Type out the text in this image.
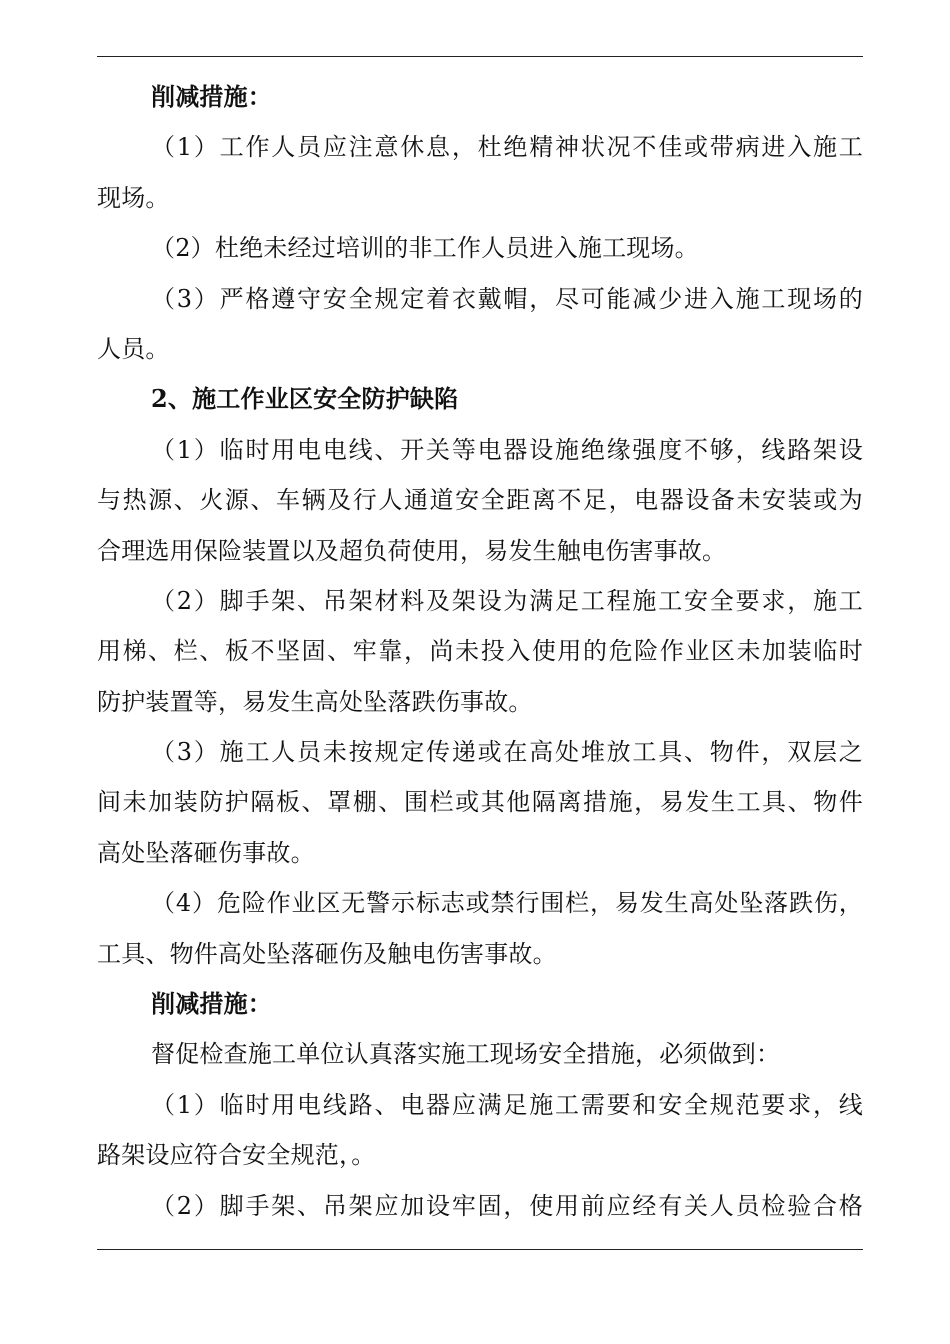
削减措施：
（1）工作人员应注意休息，杜绝精神状况不佳或带病进入施工
现场。
（2）杜绝未经过培训的非工作人员进入施工现场。
（3）严格遵守安全规定着衣戴帽，尽可能减少进入施工现场的
人员。
2、施工作业区安全防护缺陷
（1）临时用电电线、开关等电器设施绝缘强度不够，线路架设
与热源、火源、车辆及行人通道安全距离不足，电器设备未安装或为
合理选用保险装置以及超负荷使用，易发生触电伤害事故。
（2）脚手架、吊架材料及架设为满足工程施工安全要求，施工
用梯、栏、板不坚固、牢靠，尚未投入使用的危险作业区未加装临时
防护装置等，易发生高处坠落跌伤事故。
（3）施工人员未按规定传递或在高处堆放工具、物件，双层之
间未加装防护隔板、罩棚、围栏或其他隔离措施，易发生工具、物件
高处坠落砸伤事故。
（4）危险作业区无警示标志或禁行围栏，易发生高处坠落跌伤，
工具、物件高处坠落砸伤及触电伤害事故。
削减措施：
督促检查施工单位认真落实施工现场安全措施，必须做到：
（1）临时用电线路、电器应满足施工需要和安全规范要求，线
路架设应符合安全规范，。
（2）脚手架、吊架应加设牢固，使用前应经有关人员检验合格
